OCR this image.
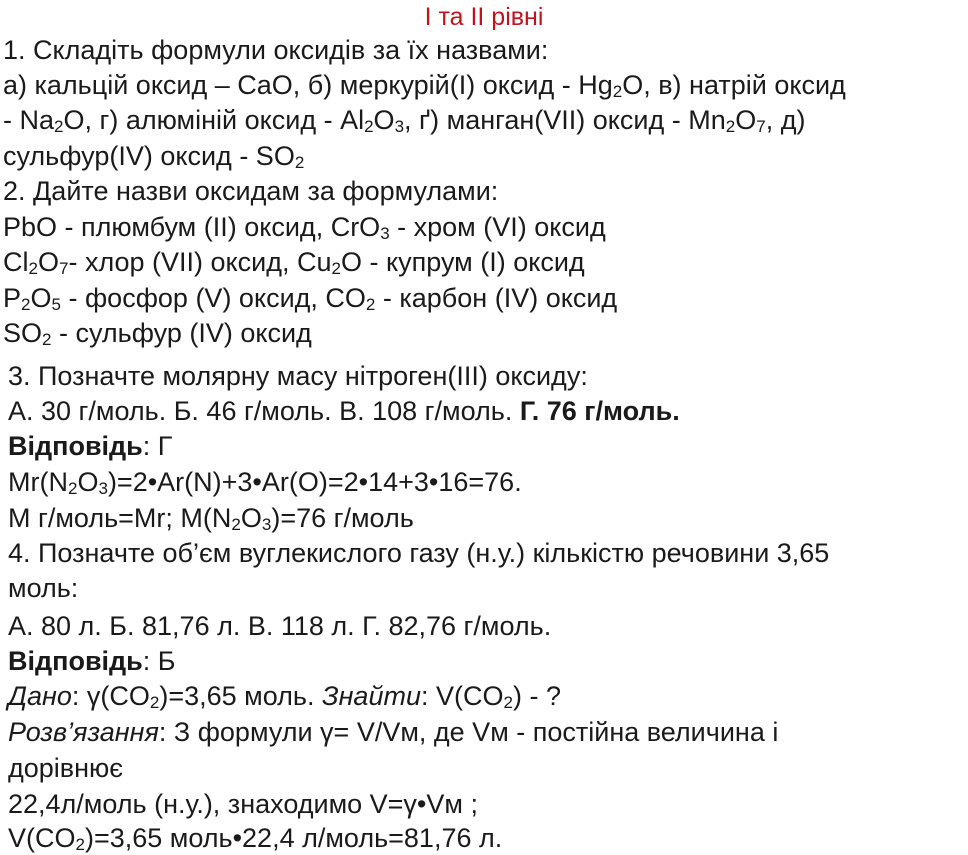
І та ІІ рівні
1. Складіть формули оксидів за їх назвами:
а) кальцій оксид – CaO, б) меркурій(І) оксид - $Hg_2O$, в) натрій оксид
- $Na_2O$, г) алюміній оксид - $Al_2O_3$, ґ) манган(VII) оксид - $Mn_2O_7$, д)
сульфур(IV) оксид - $SO_2$
2. Дайте назви оксидам за формулами:
PbO - плюмбум (ІІ) оксид, CrO$_3$ - хром (VI) оксид
$Cl_2O_7-$ хлор (VII) оксид, $Cu_2O$ - купрум (I) оксид
$P_2O_5$ - фосфор (V) оксид, $CO_2$ - карбон (ІV) оксид
$SO_2$ - сульфур (IV) оксид
3. Позначте молярну масу нітроген(ІІІ) оксиду:
А. 30 г/моль. Б. 46 г/моль. В. 108 г/моль. Г. 76 г/моль.
Відповідь: Г
$Mr(N_2O_3)=2•Ar(N)+3•Ar(O)=2•14+3•16=76$.
M г/моль=Mr; $M(N_2O_3)=76$ г/моль
4. Позначте об’єм вуглекислого газу (н.у.) кількістю речовини 3,65
моль:
А. 80 л. Б. 81,76 л. В. 118 л. Г. 82,76 г/моль.
Відповідь: Б
Дано: $\gamma(CO_2)=3,65$ моль. Знайти: $V(CO_2)$ - ?
Розв’язання: З формули γ= V/Vм, де Vм - постійна величина і
дорівнює
22,4л/моль (н.у.), знаходимо V=γ•Vм ;
$V(CO_2)=3,65$ моль•22,4 л/моль=81,76 л.
